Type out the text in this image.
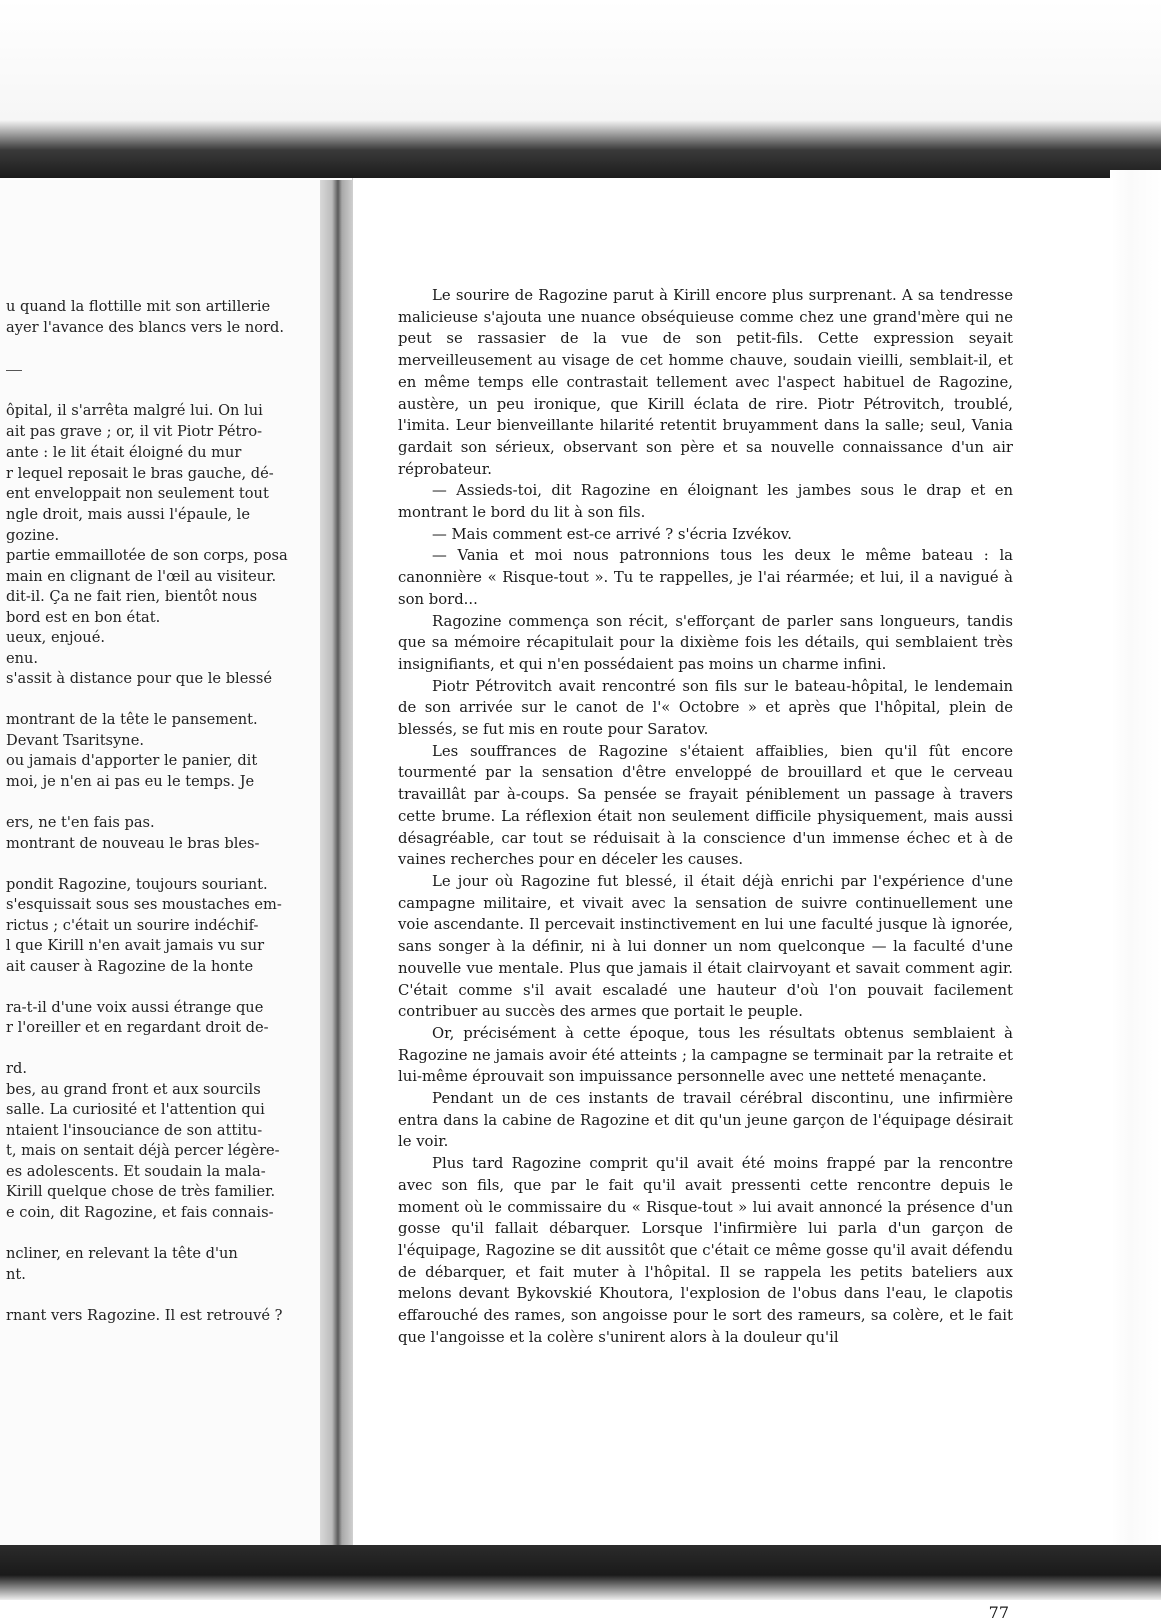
u quand la flottille mit son artillerie
ayer l'avance des blancs vers le nord.
ôpital, il s'arrêta malgré lui. On lui
ait pas grave ; or, il vit Piotr Pétro-
ante : le lit était éloigné du mur
r lequel reposait le bras gauche, dé-
ent enveloppait non seulement tout
ngle droit, mais aussi l'épaule, le
gozine.
partie emmaillotée de son corps, posa
main en clignant de l'œil au visiteur.
dit-il. Ça ne fait rien, bientôt nous
bord est en bon état.
ueux, enjoué.
enu.
s'assit à distance pour que le blessé
montrant de la tête le pansement.
Devant Tsaritsyne.
ou jamais d'apporter le panier, dit
moi, je n'en ai pas eu le temps. Je
ers, ne t'en fais pas.
montrant de nouveau le bras bles-
pondit Ragozine, toujours souriant.
s'esquissait sous ses moustaches em-
rictus ; c'était un sourire indéchif-
l que Kirill n'en avait jamais vu sur
ait causer à Ragozine de la honte
ra-t-il d'une voix aussi étrange que
r l'oreiller et en regardant droit de-
rd.
bes, au grand front et aux sourcils
salle. La curiosité et l'attention qui
ntaient l'insouciance de son attitu-
t, mais on sentait déjà percer légère-
es adolescents. Et soudain la mala-
Kirill quelque chose de très familier.
e coin, dit Ragozine, et fais connais-
ncliner, en relevant la tête d'un
nt.
rnant vers Ragozine. Il est retrouvé ?

Le sourire de Ragozine parut à Kirill encore plus surprenant. A sa tendresse malicieuse s'ajouta une nuance obséquieuse comme chez une grand'mère qui ne peut se rassasier de la vue de son petit-fils. Cette expression seyait merveilleusement au visage de cet homme chauve, soudain vieilli, semblait-il, et en même temps elle contrastait tellement avec l'aspect habituel de Ragozine, austère, un peu ironique, que Kirill éclata de rire. Piotr Pétrovitch, troublé, l'imita. Leur bienveillante hilarité retentit bruyamment dans la salle; seul, Vania gardait son sérieux, observant son père et sa nouvelle connaissance d'un air réprobateur.

— Assieds-toi, dit Ragozine en éloignant les jambes sous le drap et en montrant le bord du lit à son fils.

— Mais comment est-ce arrivé ? s'écria Izvékov.

— Vania et moi nous patronnions tous les deux le même bateau : la canonnière « Risque-tout ». Tu te rappelles, je l'ai réarmée; et lui, il a navigué à son bord...

Ragozine commença son récit, s'efforçant de parler sans longueurs, tandis que sa mémoire récapitulait pour la dixième fois les détails, qui semblaient très insignifiants, et qui n'en possédaient pas moins un charme infini.

Piotr Pétrovitch avait rencontré son fils sur le bateau-hôpital, le lendemain de son arrivée sur le canot de l'« Octobre » et après que l'hôpital, plein de blessés, se fut mis en route pour Saratov.

Les souffrances de Ragozine s'étaient affaiblies, bien qu'il fût encore tourmenté par la sensation d'être enveloppé de brouillard et que le cerveau travaillât par à-coups. Sa pensée se frayait péniblement un passage à travers cette brume. La réflexion était non seulement difficile physiquement, mais aussi désagréable, car tout se réduisait à la conscience d'un immense échec et à de vaines recherches pour en déceler les causes.

Le jour où Ragozine fut blessé, il était déjà enrichi par l'expérience d'une campagne militaire, et vivait avec la sensation de suivre continuellement une voie ascendante. Il percevait instinctivement en lui une faculté jusque là ignorée, sans songer à la définir, ni à lui donner un nom quelconque — la faculté d'une nouvelle vue mentale. Plus que jamais il était clairvoyant et savait comment agir. C'était comme s'il avait escaladé une hauteur d'où l'on pouvait facilement contribuer au succès des armes que portait le peuple.

Or, précisément à cette époque, tous les résultats obtenus semblaient à Ragozine ne jamais avoir été atteints ; la campagne se terminait par la retraite et lui-même éprouvait son impuissance personnelle avec une netteté menaçante.

Pendant un de ces instants de travail cérébral discontinu, une infirmière entra dans la cabine de Ragozine et dit qu'un jeune garçon de l'équipage désirait le voir.

Plus tard Ragozine comprit qu'il avait été moins frappé par la rencontre avec son fils, que par le fait qu'il avait pressenti cette rencontre depuis le moment où le commissaire du « Risque-tout » lui avait annoncé la présence d'un gosse qu'il fallait débarquer. Lorsque l'infirmière lui parla d'un garçon de l'équipage, Ragozine se dit aussitôt que c'était ce même gosse qu'il avait défendu de débarquer, et fait muter à l'hôpital. Il se rappela les petits bateliers aux melons devant Bykovskié Khoutora, l'explosion de l'obus dans l'eau, le clapotis effarouché des rames, son angoisse pour le sort des rameurs, sa colère, et le fait que l'angoisse et la colère s'unirent alors à la douleur qu'il

77
